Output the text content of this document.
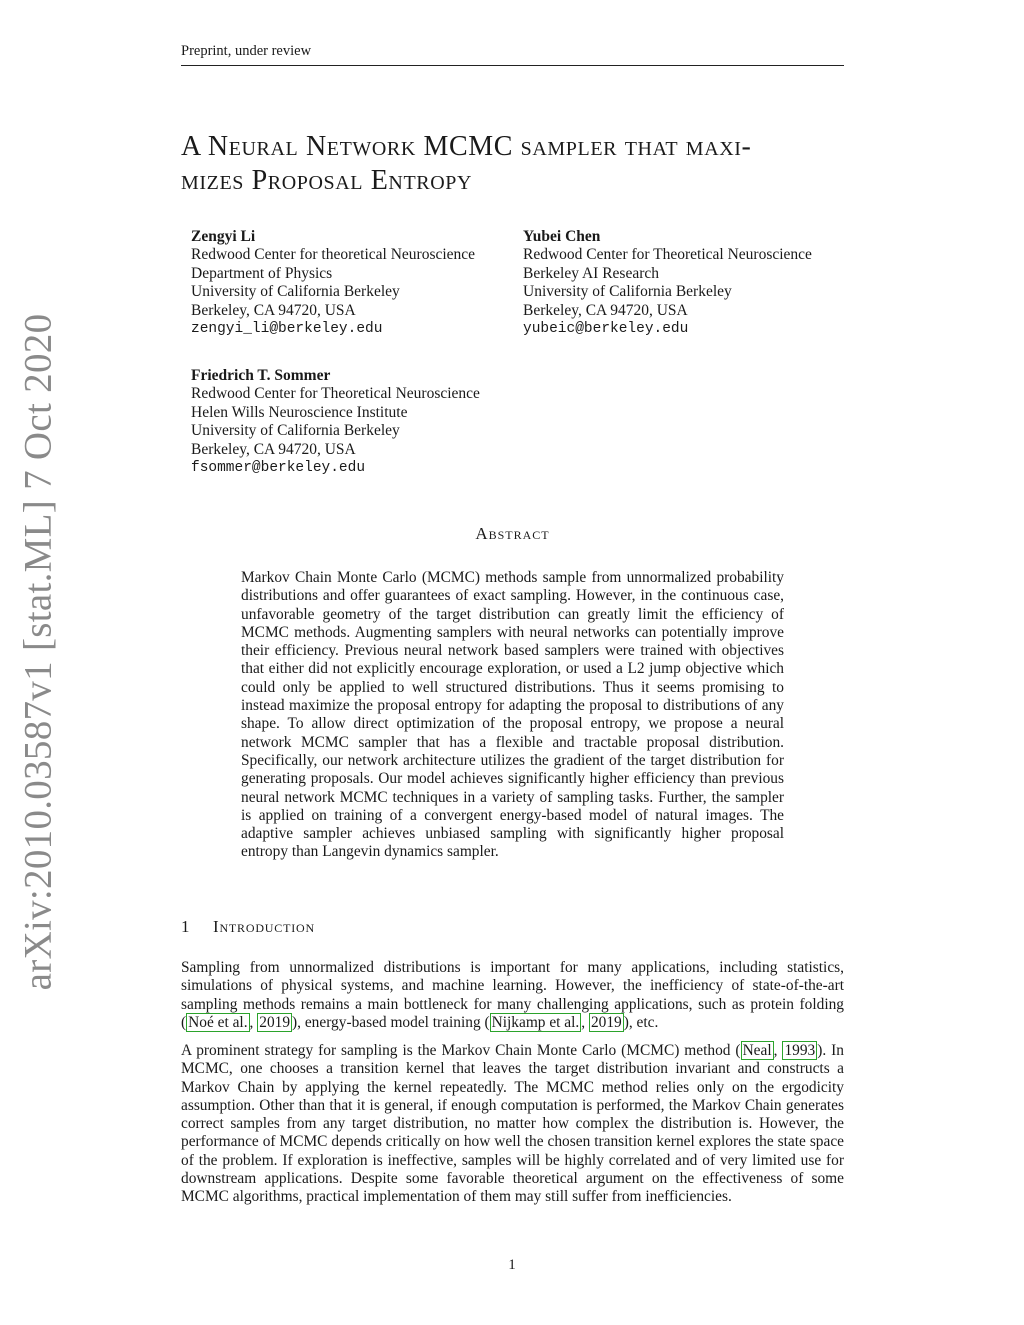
Preprint, under review
A Neural Network MCMC sampler that maxi-
mizes Proposal Entropy
arXiv:2010.03587v1 [stat.ML] 7 Oct 2020
Zengyi Li
Redwood Center for theoretical Neuroscience
Department of Physics
University of California Berkeley
Berkeley, CA 94720, USA
zengyi_li@berkeley.edu
Yubei Chen
Redwood Center for Theoretical Neuroscience
Berkeley AI Research
University of California Berkeley
Berkeley, CA 94720, USA
yubeic@berkeley.edu
Friedrich T. Sommer
Redwood Center for Theoretical Neuroscience
Helen Wills Neuroscience Institute
University of California Berkeley
Berkeley, CA 94720, USA
fsommer@berkeley.edu
Abstract
Markov Chain Monte Carlo (MCMC) methods sample from unnormalized probability distributions and offer guarantees of exact sampling. However, in the continuous case, unfavorable geometry of the target distribution can greatly limit the efficiency of MCMC methods. Augmenting samplers with neural networks can potentially improve their efficiency. Previous neural network based samplers were trained with objectives that either did not explicitly encourage exploration, or used a L2 jump objective which could only be applied to well structured distributions. Thus it seems promising to instead maximize the proposal entropy for adapting the proposal to distributions of any shape. To allow direct optimization of the proposal entropy, we propose a neural network MCMC sampler that has a flexible and tractable proposal distribution. Specifically, our network architecture utilizes the gradient of the target distribution for generating proposals. Our model achieves significantly higher efficiency than previous neural network MCMC techniques in a variety of sampling tasks. Further, the sampler is applied on training of a convergent energy-based model of natural images. The adaptive sampler achieves unbiased sampling with significantly higher proposal entropy than Langevin dynamics sampler.
1 Introduction
Sampling from unnormalized distributions is important for many applications, including statistics, simulations of physical systems, and machine learning. However, the inefficiency of state-of-the-art sampling methods remains a main bottleneck for many challenging applications, such as protein folding ( Noé et al. , 2019 ), energy-based model training ( Nijkamp et al. , 2019 ), etc.
A prominent strategy for sampling is the Markov Chain Monte Carlo (MCMC) method ( Neal , 1993 ). In MCMC, one chooses a transition kernel that leaves the target distribution invariant and constructs a Markov Chain by applying the kernel repeatedly. The MCMC method relies only on the ergodicity assumption. Other than that it is general, if enough computation is performed, the Markov Chain generates correct samples from any target distribution, no matter how complex the distribution is. However, the performance of MCMC depends critically on how well the chosen transition kernel explores the state space of the problem. If exploration is ineffective, samples will be highly correlated and of very limited use for downstream applications. Despite some favorable theoretical argument on the effectiveness of some MCMC algorithms, practical implementation of them may still suffer from inefficiencies.
1
